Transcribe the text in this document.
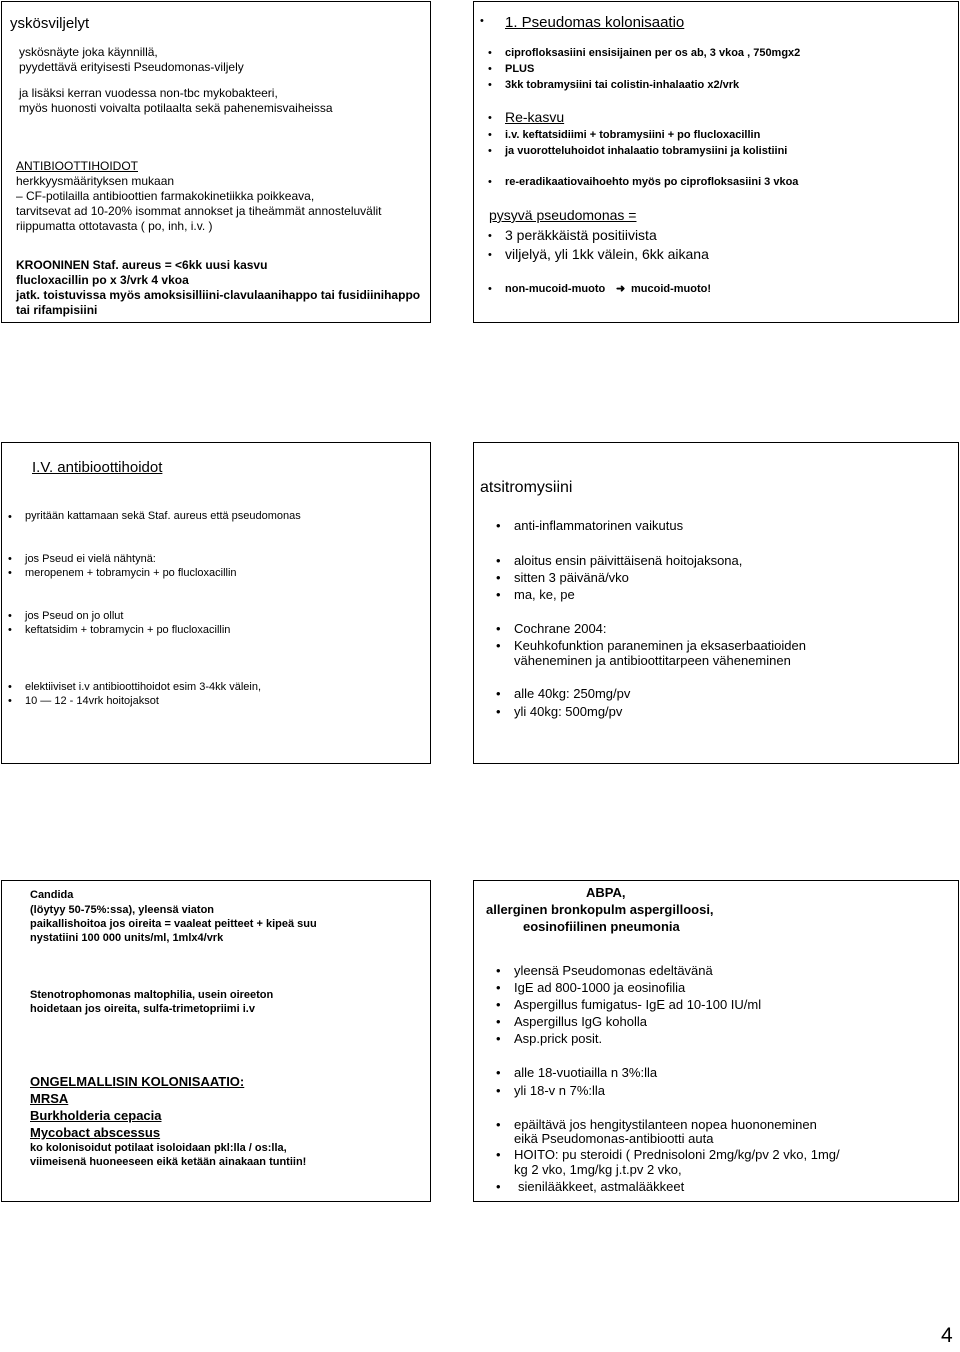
yskösviljelyt
yskösnäyte joka käynnillä,
pyydettävä erityisesti Pseudomonas-viljely
ja lisäksi kerran vuodessa non-tbc mykobakteeri,
myös huonosti voivalta potilaalta sekä pahenemisvaiheissa
ANTIBIOOTTIHOIDOT
herkkyysmäärityksen mukaan
– CF-potilailla antibioottien farmakokinetiikka poikkeava,
tarvitsevat ad 10-20% isommat annokset ja tiheämmät annosteluvälit
riippumatta ottotavasta ( po, inh, i.v. )
KROONINEN Staf. aureus = <6kk uusi kasvu
flucloxacillin po x 3/vrk 4 vkoa
jatk. toistuvissa myös amoksisilliini-clavulaanihappo tai fusidiinihappo
tai rifampisiini
• 1. Pseudomas kolonisaatio
• ciprofloksasiini ensisijainen per os ab, 3 vkoa , 750mgx2
• PLUS
• 3kk tobramysiini tai colistin-inhalaatio x2/vrk
• Re-kasvu
• i.v. keftatsidiimi + tobramysiini + po flucloxacillin
• ja vuorotteluhoidot inhalaatio tobramysiini ja kolistiini
• re-eradikaatiovaihoehto myös po ciprofloksasiini 3 vkoa
pysyvä pseudomonas =
• 3 peräkkäistä positiivista
• viljelyä, yli 1kk välein, 6kk aikana
• non-mucoid-muoto ➜ mucoid-muoto!
I.V. antibioottihoidot
• pyritään kattamaan sekä Staf. aureus että pseudomonas
• jos Pseud ei vielä nähtynä:
• meropenem + tobramycin + po flucloxacillin
• jos Pseud on jo ollut
• keftatsidim + tobramycin + po flucloxacillin
• elektiiviset i.v antibioottihoidot esim 3-4kk välein,
• 10 — 12 - 14vrk hoitojaksot
atsitromysiini
• anti-inflammatorinen vaikutus
• aloitus ensin päivittäisenä hoitojaksona,
• sitten 3 päivänä/vko
• ma, ke, pe
• Cochrane 2004:
• Keuhkofunktion paraneminen ja eksaserbaatioiden
väheneminen ja antibioottitarpeen väheneminen
• alle 40kg: 250mg/pv
• yli 40kg: 500mg/pv
Candida
(löytyy 50-75%:ssa), yleensä viaton
paikallishoitoa jos oireita = vaaleat peitteet + kipeä suu
nystatiini 100 000 units/ml, 1mlx4/vrk
Stenotrophomonas maltophilia, usein oireeton
hoidetaan jos oireita, sulfa-trimetopriimi i.v
ONGELMALLISIN KOLONISAATIO:
MRSA
Burkholderia cepacia
Mycobact abscessus
ko kolonisoidut potilaat isoloidaan pkl:lla / os:lla,
viimeisenä huoneeseen eikä ketään ainakaan tuntiin!
ABPA,
allerginen bronkopulm aspergilloosi,
eosinofiilinen pneumonia
• yleensä Pseudomonas edeltävänä
• IgE ad 800-1000 ja eosinofilia
• Aspergillus fumigatus- IgE ad 10-100 IU/ml
• Aspergillus IgG koholla
• Asp.prick posit.
• alle 18-vuotiailla n 3%:lla
• yli 18-v n 7%:lla
• epäiltävä jos hengitystilanteen nopea huononeminen
eikä Pseudomonas-antibiootti auta
• HOITO: pu steroidi ( Prednisoloni 2mg/kg/pv 2 vko, 1mg/
kg 2 vko, 1mg/kg j.t.pv 2 vko,
• sienilääkkeet, astmalääkkeet
4
